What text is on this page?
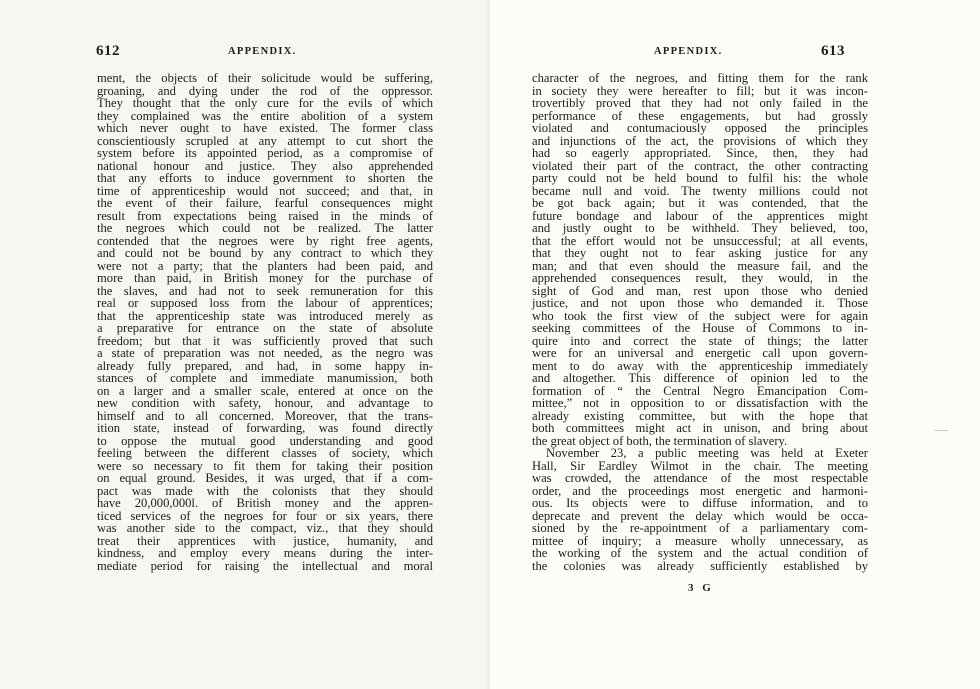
612	APPENDIX.
ment, the objects of their solicitude would be suffering,
groaning, and dying under the rod of the oppressor.
They thought that the only cure for the evils of which
they complained was the entire abolition of a system
which never ought to have existed. The former class
conscientiously scrupled at any attempt to cut short the
system before its appointed period, as a compromise of
national honour and justice. They also apprehended
that any efforts to induce government to shorten the
time of apprenticeship would not succeed; and that, in
the event of their failure, fearful consequences might
result from expectations being raised in the minds of
the negroes which could not be realized. The latter
contended that the negroes were by right free agents,
and could not be bound by any contract to which they
were not a party; that the planters had been paid, and
more than paid, in British money for the purchase of
the slaves, and had not to seek remuneration for this
real or supposed loss from the labour of apprentices;
that the apprenticeship state was introduced merely as
a preparative for entrance on the state of absolute
freedom; but that it was sufficiently proved that such
a state of preparation was not needed, as the negro was
already fully prepared, and had, in some happy in-
stances of complete and immediate manumission, both
on a larger and a smaller scale, entered at once on the
new condition with safety, honour, and advantage to
himself and to all concerned. Moreover, that the trans-
ition state, instead of forwarding, was found directly
to oppose the mutual good understanding and good
feeling between the different classes of society, which
were so necessary to fit them for taking their position
on equal ground. Besides, it was urged, that if a com-
pact was made with the colonists that they should
have 20,000,000l. of British money and the appren-
ticed services of the negroes for four or six years, there
was another side to the compact, viz., that they should
treat their apprentices with justice, humanity, and
kindness, and employ every means during the inter-
mediate period for raising the intellectual and moral
APPENDIX.	613
character of the negroes, and fitting them for the rank
in society they were hereafter to fill; but it was incon-
trovertibly proved that they had not only failed in the
performance of these engagements, but had grossly
violated and contumaciously opposed the principles
and injunctions of the act, the provisions of which they
had so eagerly appropriated. Since, then, they had
violated their part of the contract, the other contracting
party could not be held bound to fulfil his: the whole
became null and void. The twenty millions could not
be got back again; but it was contended, that the
future bondage and labour of the apprentices might
and justly ought to be withheld. They believed, too,
that the effort would not be unsuccessful; at all events,
that they ought not to fear asking justice for any
man; and that even should the measure fail, and the
apprehended consequences result, they would, in the
sight of God and man, rest upon those who denied
justice, and not upon those who demanded it. Those
who took the first view of the subject were for again
seeking committees of the House of Commons to in-
quire into and correct the state of things; the latter
were for an universal and energetic call upon govern-
ment to do away with the apprenticeship immediately
and altogether. This difference of opinion led to the
formation of “ the Central Negro Emancipation Com-
mittee,” not in opposition to or dissatisfaction with the
already existing committee, but with the hope that
both committees might act in unison, and bring about
the great object of both, the termination of slavery.
November 23, a public meeting was held at Exeter
Hall, Sir Eardley Wilmot in the chair. The meeting
was crowded, the attendance of the most respectable
order, and the proceedings most energetic and harmoni-
ous. Its objects were to diffuse information, and to
deprecate and prevent the delay which would be occa-
sioned by the re-appointment of a parliamentary com-
mittee of inquiry; a measure wholly unnecessary, as
the working of the system and the actual condition of
the colonies was already sufficiently established by
3 G
